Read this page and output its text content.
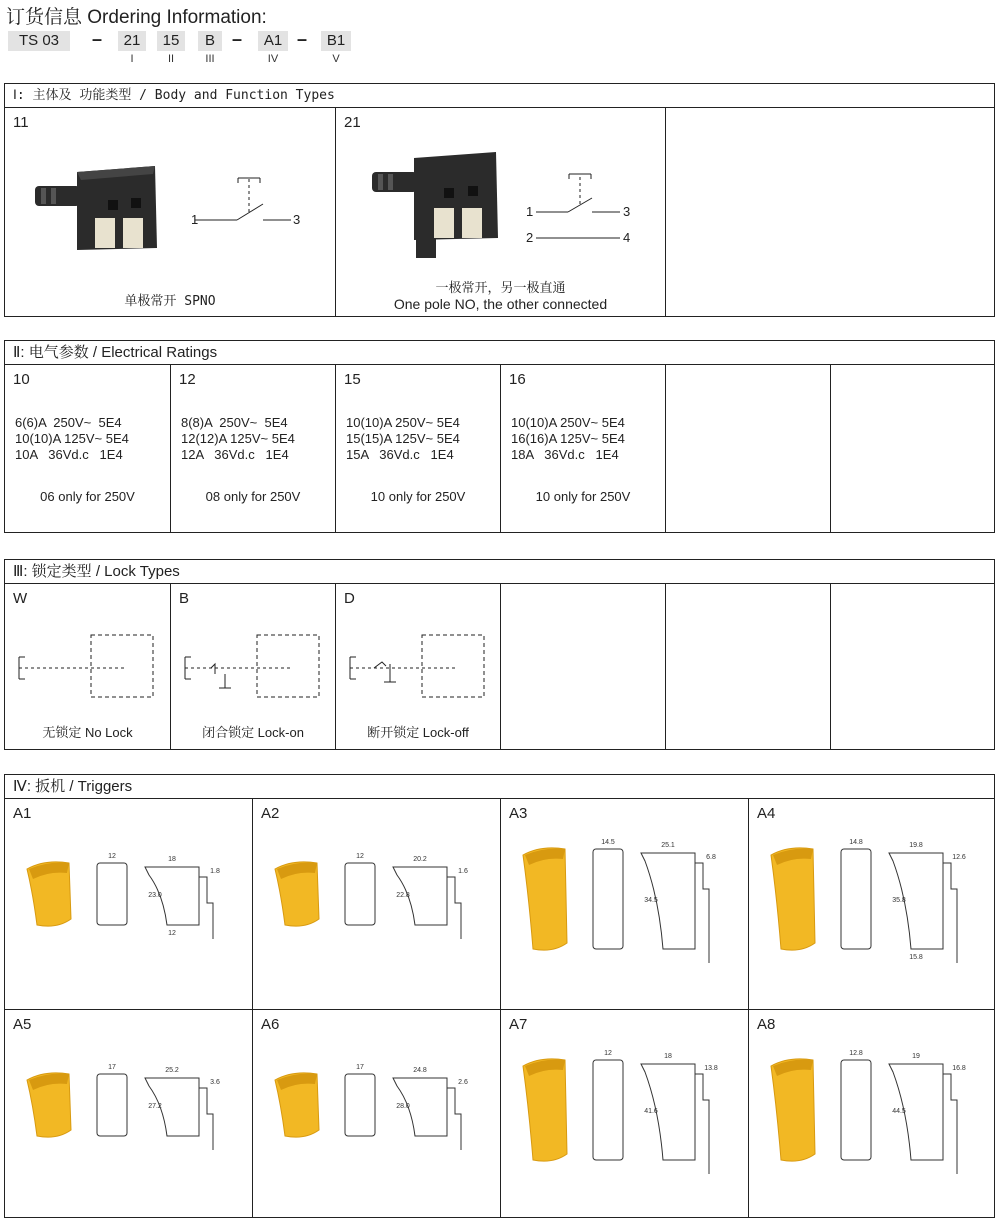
订货信息 Ordering Information:
TS 03	–	21	15	B –	A1 –	B1
I	II	III	IV	V
Ⅰ: 主体及 功能类型 / Body and Function Types
11
1	3
单极常开 SPNO
21
1	3
2	4
一极常开，另一极直通
One pole NO, the other connected
Ⅱ: 电气参数 / Electrical Ratings
10
6(6)A  250V~  5E4
10(10)A 125V~ 5E4
10A   36Vd.c   1E4
06 only for 250V
12
8(8)A  250V~  5E4
12(12)A 125V~ 5E4
12A   36Vd.c   1E4
08 only for 250V
15
10(10)A 250V~ 5E4
15(15)A 125V~ 5E4
15A   36Vd.c   1E4
10 only for 250V
16
10(10)A 250V~ 5E4
16(16)A 125V~ 5E4
18A   36Vd.c   1E4
10 only for 250V
Ⅲ: 锁定类型 / Lock Types
W
无锁定 No Lock
B
闭合锁定 Lock-on
D
断开锁定 Lock-off
Ⅳ: 扳机 / Triggers
A1
12	18
1.8
23.0
12
A2
12	20.2
1.6
22.8
A3
14.5	25.1
6.8
34.5
A4
14.8	19.8
12.6
35.8
15.8
A5
17	25.2
3.6
27.2
A6
17	24.8
2.6
28.0
A7
12	18
13.8
41.6
A8
12.8	19
16.8
44.5
